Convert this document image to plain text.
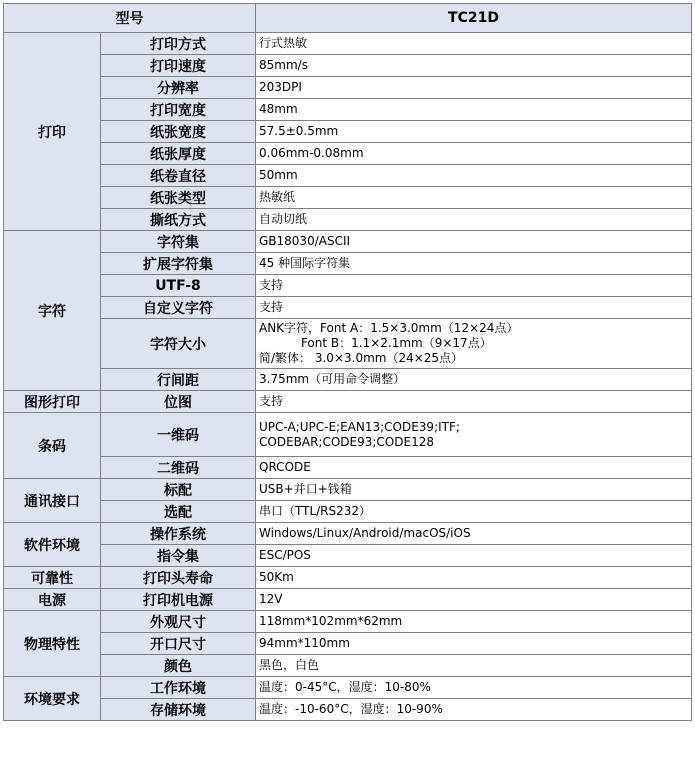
型号		TC21D
打印	打印方式	行式热敏
	打印速度	85mm/s
	分辨率	203DPI
	打印宽度	48mm
	纸张宽度	57.5±0.5mm
	纸张厚度	0.06mm-0.08mm
	纸卷直径	50mm
	纸张类型	热敏纸
	撕纸方式	自动切纸
字符	字符集	GB18030/ASCII
	扩展字符集	45 种国际字符集
	UTF-8	支持
	自定义字符	支持
	字符大小	ANK字符，Font A：1.5×3.0mm（12×24点）
Font B：1.1×2.1mm（9×17点）
简/繁体： 3.0×3.0mm（24×25点）
	行间距	3.75mm（可用命令调整）
图形打印	位图	支持
条码	一维码	UPC-A;UPC-E;EAN13;CODE39;ITF;
CODEBAR;CODE93;CODE128
	二维码	QRCODE
通讯接口	标配	USB+并口+钱箱
	选配	串口（TTL/RS232）
软件环境	操作系统	Windows/Linux/Android/macOS/iOS
	指令集	ESC/POS
可靠性	打印头寿命	50Km
电源	打印机电源	12V
物理特性	外观尺寸	118mm*102mm*62mm
	开口尺寸	94mm*110mm
	颜色	黑色，白色
环境要求	工作环境	温度：0-45°C，湿度：10-80%
	存储环境	温度：-10-60°C，湿度：10-90%
